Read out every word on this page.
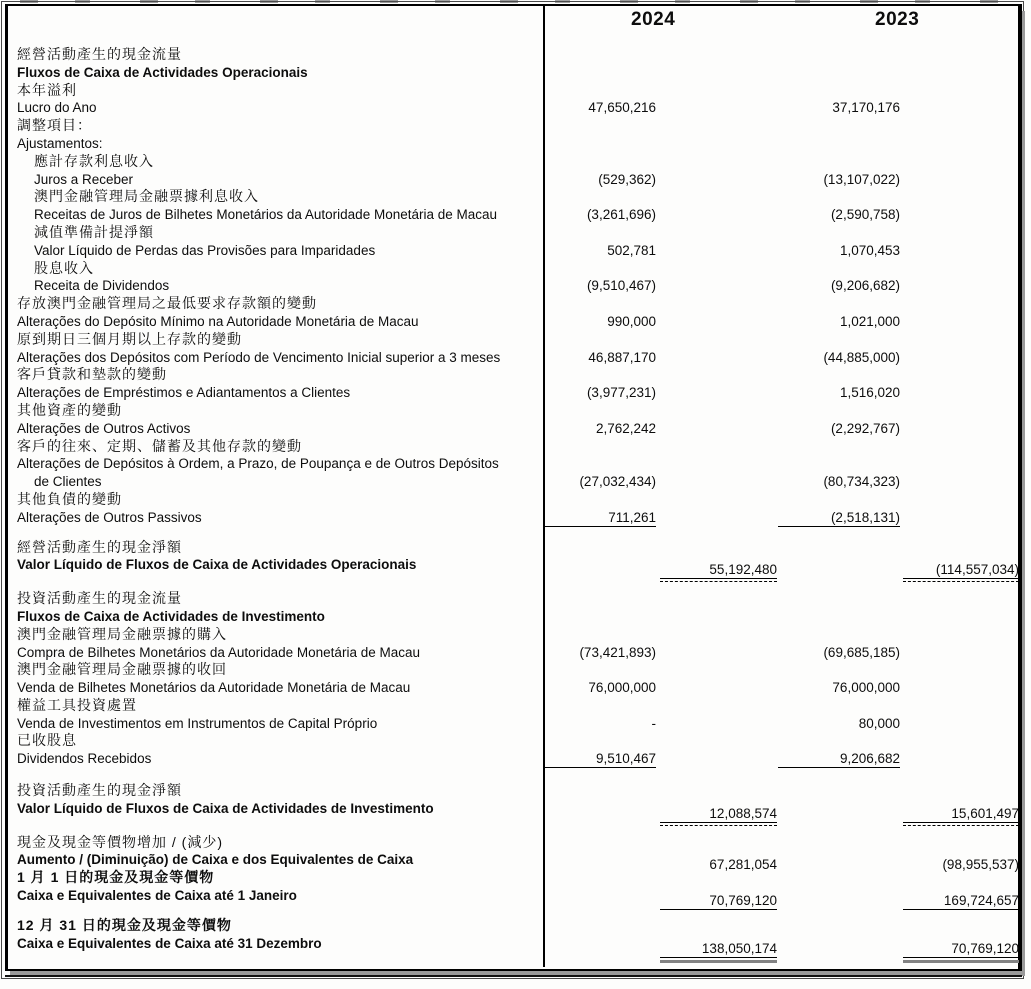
2024	2023
經營活動產生的現金流量
Fluxos de Caixa de Actividades Operacionais
本年溢利
Lucro do Ano	47,650,216	37,170,176
調整項目：
Ajustamentos:
應計存款利息收入
Juros a Receber	(529,362)	(13,107,022)
澳門金融管理局金融票據利息收入
Receitas de Juros de Bilhetes Monetários da Autoridade Monetária de Macau	(3,261,696)	(2,590,758)
減值準備計提淨額
Valor Líquido de Perdas das Provisões para Imparidades	502,781	1,070,453
股息收入
Receita de Dividendos	(9,510,467)	(9,206,682)
存放澳門金融管理局之最低要求存款額的變動
Alterações do Depósito Mínimo na Autoridade Monetária de Macau	990,000	1,021,000
原到期日三個月期以上存款的變動
Alterações dos Depósitos com Período de Vencimento Inicial superior a 3 meses	46,887,170	(44,885,000)
客戶貸款和墊款的變動
Alterações de Empréstimos e Adiantamentos a Clientes	(3,977,231)	1,516,020
其他資產的變動
Alterações de Outros Activos	2,762,242	(2,292,767)
客戶的往來、定期、儲蓄及其他存款的變動
Alterações de Depósitos à Ordem, a Prazo, de Poupança e de Outros Depósitos
de Clientes	(27,032,434)	(80,734,323)
其他負債的變動
Alterações de Outros Passivos	711,261	(2,518,131)
經營活動產生的現金淨額
Valor Líquido de Fluxos de Caixa de Actividades Operacionais	55,192,480	(114,557,034)
投資活動產生的現金流量
Fluxos de Caixa de Actividades de Investimento
澳門金融管理局金融票據的購入
Compra de Bilhetes Monetários da Autoridade Monetária de Macau	(73,421,893)	(69,685,185)
澳門金融管理局金融票據的收回
Venda de Bilhetes Monetários da Autoridade Monetária de Macau	76,000,000	76,000,000
權益工具投資處置
Venda de Investimentos em Instrumentos de Capital Próprio	-	80,000
已收股息
Dividendos Recebidos	9,510,467	9,206,682
投資活動產生的現金淨額
Valor Líquido de Fluxos de Caixa de Actividades de Investimento	12,088,574	15,601,497
現金及現金等價物增加 / (減少)
Aumento / (Diminuição) de Caixa e dos Equivalentes de Caixa	67,281,054	(98,955,537)
1 月 1 日的現金及現金等價物
Caixa e Equivalentes de Caixa até 1 Janeiro	70,769,120	169,724,657
12 月 31 日的現金及現金等價物
Caixa e Equivalentes de Caixa até 31 Dezembro	138,050,174	70,769,120
